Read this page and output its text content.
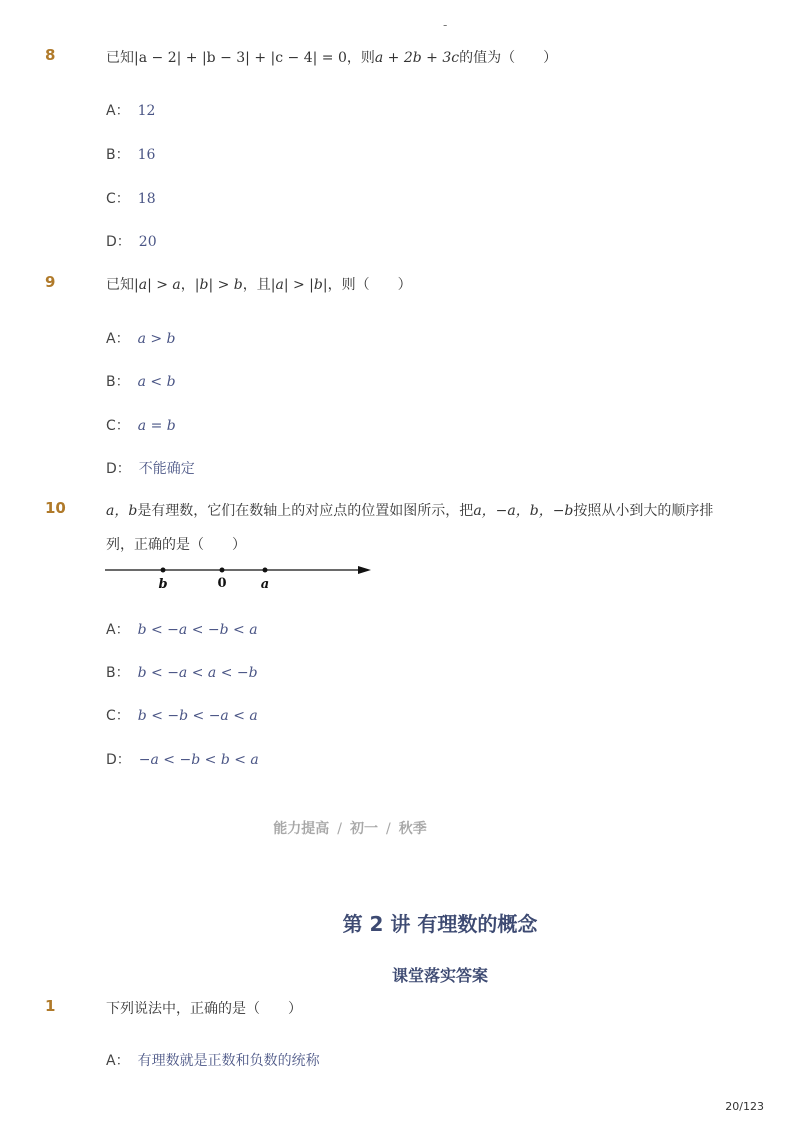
-
8	已知|a − 2| + |b − 3| + |c − 4| = 0，则a + 2b + 3c的值为（　　）
A： 12
B： 16
C： 18
D： 20
9	已知|a| > a，|b| > b，且|a| > |b|，则（　　）
A： a > b
B： a < b
C： a = b
D： 不能确定
10	a，b是有理数，它们在数轴上的对应点的位置如图所示，把a，−a，b，−b按照从小到大的顺序排
列，正确的是（　　）
b	0	a
A： b < −a < −b < a
B： b < −a < a < −b
C： b < −b < −a < a
D： −a < −b < b < a
能力提高 / 初一 / 秋季
第 2 讲 有理数的概念
课堂落实答案
1	下列说法中，正确的是（　　）
A： 有理数就是正数和负数的统称
20/123
